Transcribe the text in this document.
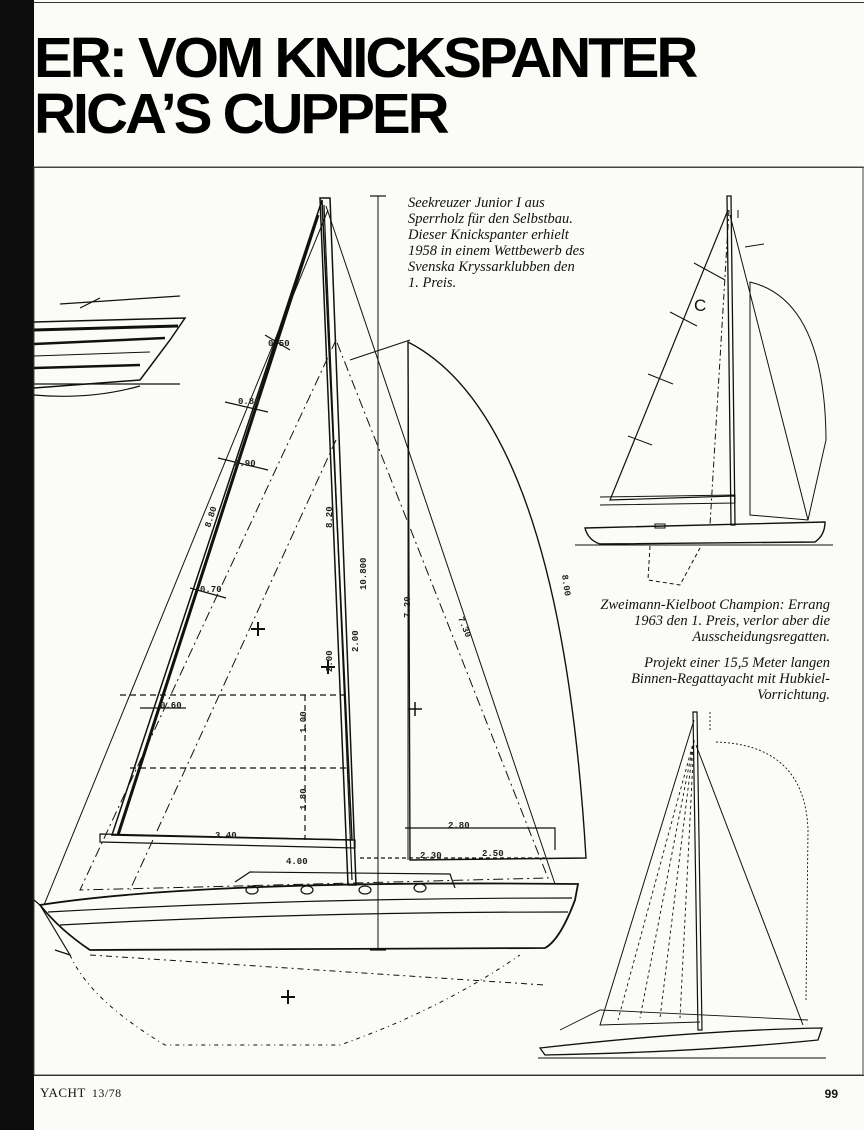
ER: VOM KNICKSPANTER
RICA’S CUPPER
10.800
3.40
4.00
2.80
2.30	2.50
2.00
2.00
8.20
7.20
7.30
8.00
1.80
1.00
0.60
0.70
0.90
0.50
0.80
8.80
C
Seekreuzer Junior I aus Sperrholz für den Selbstbau. Dieser Knickspanter erhielt 1958 in einem Wettbewerb des Svenska Kryssarklubben den 1. Preis.
Zweimann-Kielboot Champion: Errang 1963 den 1. Preis, verlor aber die Ausscheidungsregatten.
Projekt einer 15,5 Meter langen Binnen-Regattayacht mit Hubkiel-Vorrichtung.
YACHT 13/78	99
